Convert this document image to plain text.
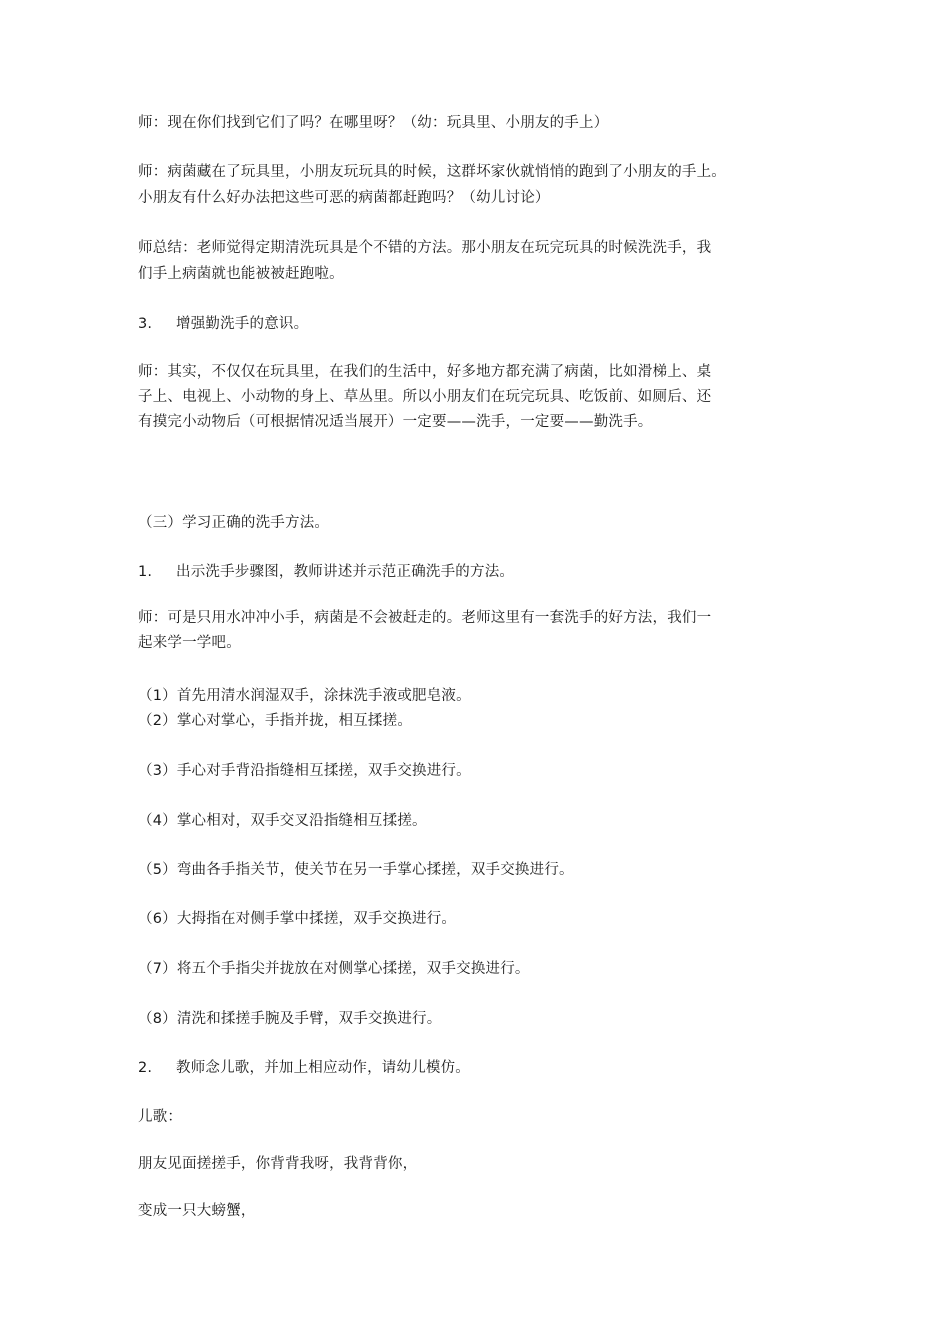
师：现在你们找到它们了吗？在哪里呀？（幼：玩具里、小朋友的手上）
师：病菌藏在了玩具里，小朋友玩玩具的时候，这群坏家伙就悄悄的跑到了小朋友的手上。
小朋友有什么好办法把这些可恶的病菌都赶跑吗？（幼儿讨论）
师总结：老师觉得定期清洗玩具是个不错的方法。那小朋友在玩完玩具的时候洗洗手，我
们手上病菌就也能被被赶跑啦。
3. 增强勤洗手的意识。
师：其实，不仅仅在玩具里，在我们的生活中，好多地方都充满了病菌，比如滑梯上、桌
子上、电视上、小动物的身上、草丛里。所以小朋友们在玩完玩具、吃饭前、如厕后、还
有摸完小动物后（可根据情况适当展开）一定要——洗手，一定要——勤洗手。
（三）学习正确的洗手方法。
1. 出示洗手步骤图，教师讲述并示范正确洗手的方法。
师：可是只用水冲冲小手，病菌是不会被赶走的。老师这里有一套洗手的好方法，我们一
起来学一学吧。
（1）首先用清水润湿双手，涂抹洗手液或肥皂液。
（2）掌心对掌心，手指并拢，相互揉搓。
（3）手心对手背沿指缝相互揉搓，双手交换进行。
（4）掌心相对，双手交叉沿指缝相互揉搓。
（5）弯曲各手指关节，使关节在另一手掌心揉搓，双手交换进行。
（6）大拇指在对侧手掌中揉搓，双手交换进行。
（7）将五个手指尖并拢放在对侧掌心揉搓，双手交换进行。
（8）清洗和揉搓手腕及手臂，双手交换进行。
2. 教师念儿歌，并加上相应动作，请幼儿模仿。
儿歌：
朋友见面搓搓手，你背背我呀，我背背你，
变成一只大螃蟹，
